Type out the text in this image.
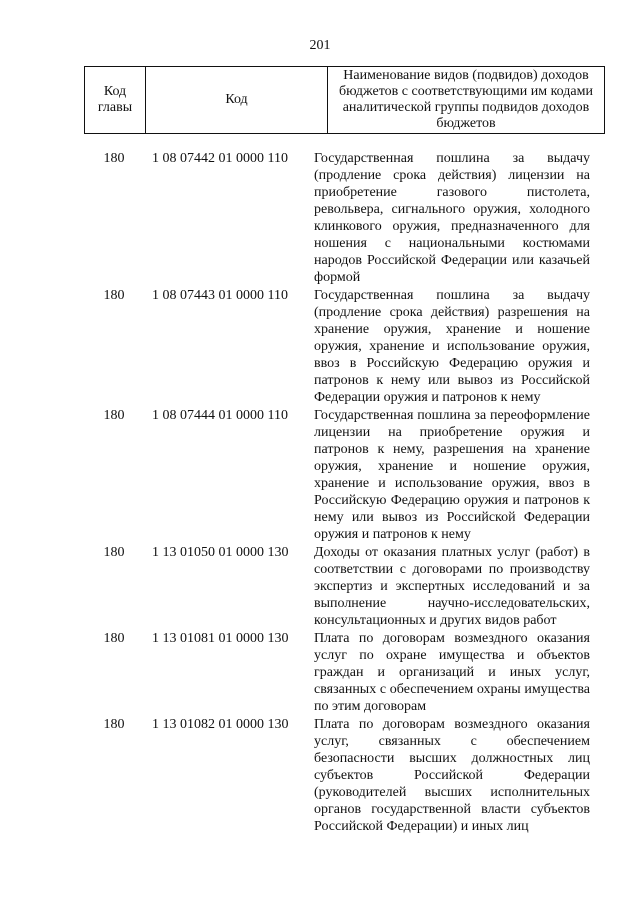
201
Код главы	Код	Наименование видов (подвидов) доходов бюджетов с соответствующими им кодами аналитической группы подвидов доходов бюджетов
180	1 08 07442 01 0000 110	Государственная пошлина за выдачу (продление срока действия) лицензии на приобретение газового пистолета, револьвера, сигнального оружия, холодного клинкового оружия, предназначенного для ношения с национальными костюмами народов Российской Федерации или казачьей формой
180	1 08 07443 01 0000 110	Государственная пошлина за выдачу (продление срока действия) разрешения на хранение оружия, хранение и ношение оружия, хранение и использование оружия, ввоз в Российскую Федерацию оружия и патронов к нему или вывоз из Российской Федерации оружия и патронов к нему
180	1 08 07444 01 0000 110	Государственная пошлина за переоформление лицензии на приобретение оружия и патронов к нему, разрешения на хранение оружия, хранение и ношение оружия, хранение и использование оружия, ввоз в Российскую Федерацию оружия и патронов к нему или вывоз из Российской Федерации оружия и патронов к нему
180	1 13 01050 01 0000 130	Доходы от оказания платных услуг (работ) в соответствии с договорами по производству экспертиз и экспертных исследований и за выполнение научно-исследовательских, консультационных и других видов работ
180	1 13 01081 01 0000 130	Плата по договорам возмездного оказания услуг по охране имущества и объектов граждан и организаций и иных услуг, связанных с обеспечением охраны имущества по этим договорам
180	1 13 01082 01 0000 130	Плата по договорам возмездного оказания услуг, связанных с обеспечением безопасности высших должностных лиц субъектов Российской Федерации (руководителей высших исполнительных органов государственной власти субъектов Российской Федерации) и иных лиц
